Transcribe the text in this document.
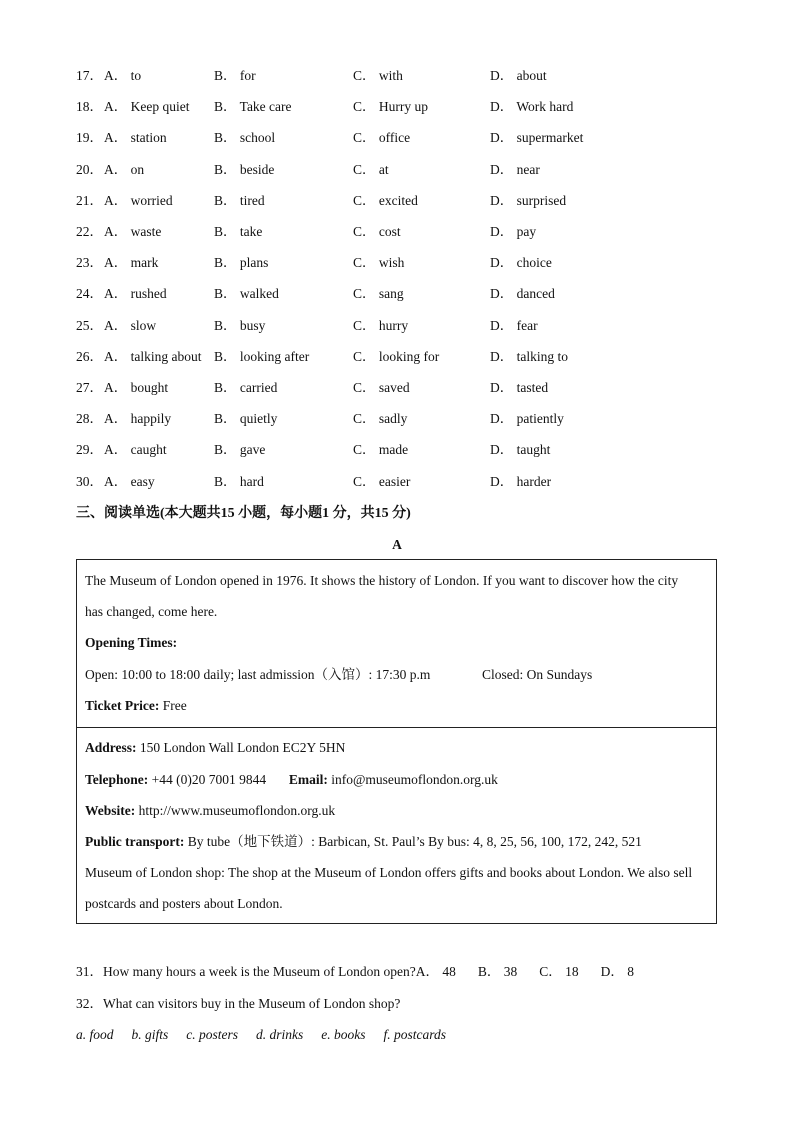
17． A． to	B． for	C． with	D． about
18． A． Keep quiet B． Take care	C． Hurry up	D． Work hard
19． A． station	B． school	C． office	D． supermarket
20． A． on	B． beside	C． at	D． near
21． A． worried	B． tired	C． excited	D． surprised
22． A． waste	B． take	C． cost	D． pay
23． A． mark	B． plans	C． wish	D． choice
24． A． rushed	B． walked	C． sang	D． danced
25． A． slow	B． busy	C． hurry	D． fear
26． A． talking about B． looking after	C． looking for	D． talking to
27． A． bought	B． carried	C． saved	D． tasted
28． A． happily	B． quietly	C． sadly	D． patiently
29． A． caught	B． gave	C． made	D． taught
30． A． easy	B． hard	C． easier	D． harder
三、阅读单选(本大题共15 小题，每小题1 分，共15 分)
A
The Museum of London opened in 1976. It shows the history of London. If you want to discover how the city
has changed, come here.
Opening Times:
Open: 10:00 to 18:00 daily; last admission（入馆）: 17:30 p.m	Closed: On Sundays
Ticket Price: Free
Address: 150 London Wall London EC2Y 5HN
Telephone: +44 (0)20 7001 9844 Email: info@museumoflondon.org.uk
Website: http://www.museumoflondon.org.uk
Public transport: By tube（地下铁道）: Barbican, St. Paul’s By bus: 4, 8, 25, 56, 100, 172, 242, 521
Museum of London shop: The shop at the Museum of London offers gifts and books about London. We also sell
postcards and posters about London.
31．How many hours a week is the Museum of London open?A． 48 B． 38 C． 18 D． 8
32．What can visitors buy in the Museum of London shop?
a. food b. gifts c. posters d. drinks e. books f. postcards
